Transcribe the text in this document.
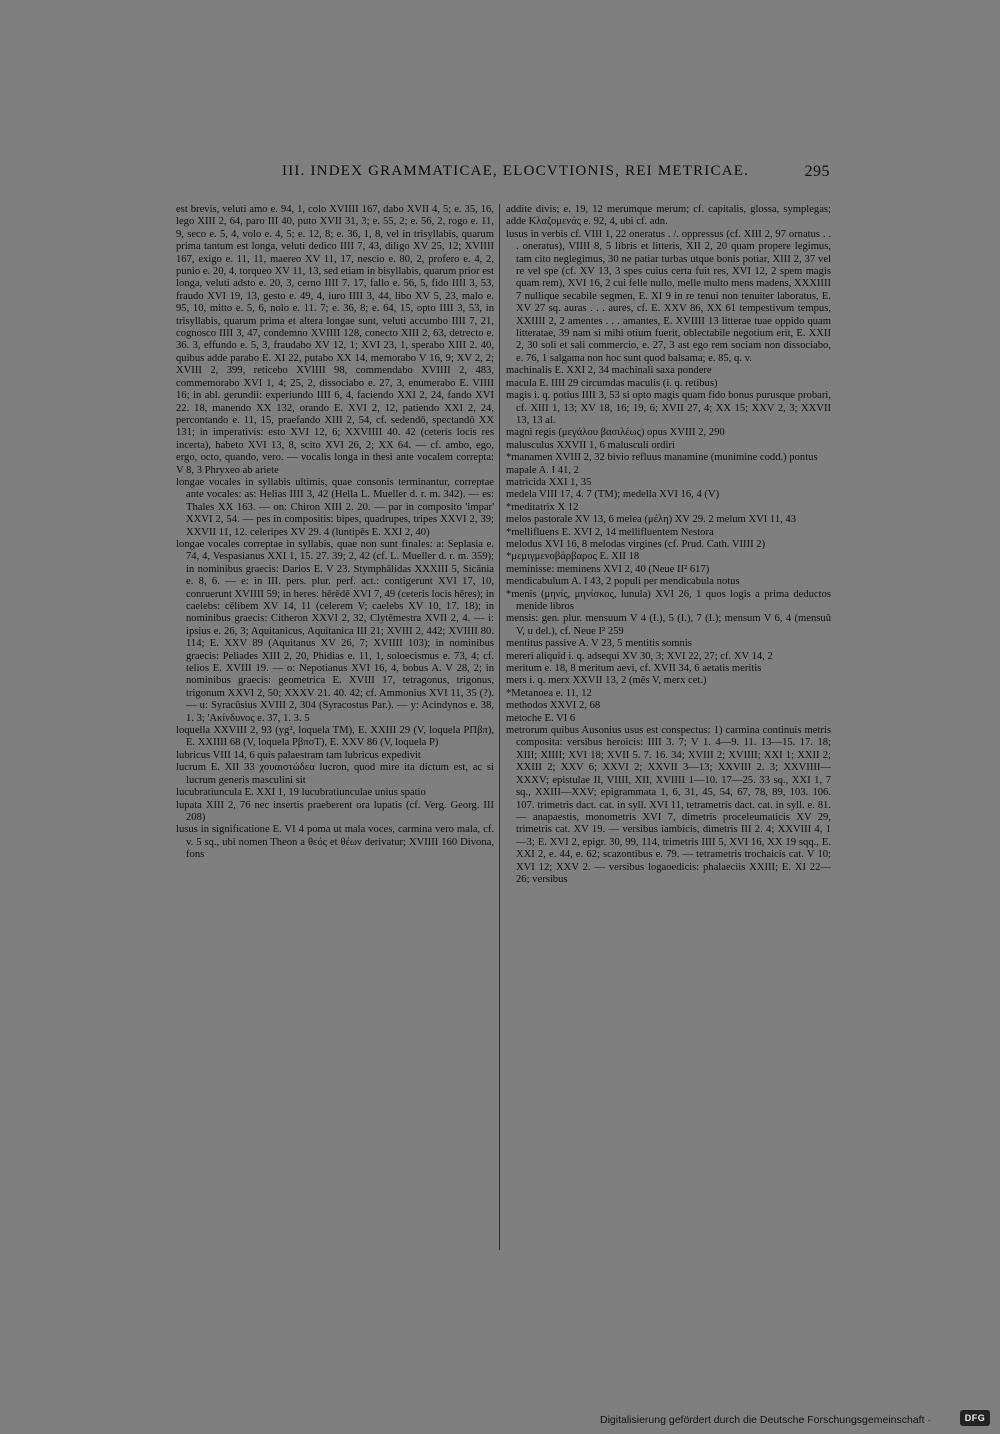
III. INDEX GRAMMATICAE, ELOCVTIONIS, REI METRICAE.	295

est brevis, veluti amo e. 94, 1, colo XVIIII 167, dabo XVII 4, 5; e. 35, 16, lego XIII 2, 64, paro III 40, puto XVII 31, 3; e. 55, 2; e. 56, 2, rogo e. 11, 9, seco e. 5, 4, volo e. 4, 5; e. 12, 8; e. 36, 1, 8, vel in trisyllabis, quarum prima tantum est longa, veluti dedico IIII 7, 43, diligo XV 25, 12; XVIIII 167, exigo e. 11, 11, maereo XV 11, 17, nescio e. 80, 2, profero e. 4, 2, punio e. 20, 4, torqueo XV 11, 13, sed etiam in bisyllabis, quarum prior est longa, veluti adsto e. 20, 3, cerno IIII 7. 17, fallo e. 56, 5, fido IIII 3, 53, fraudo XVI 19, 13, gesto e. 49, 4, iuro IIII 3, 44, libo XV 5, 23, malo e. 95, 10, mitto e. 5, 6, nolo e. 11. 7; e. 36, 8; e. 64, 15, opto IIII 3, 53, in trisyllabis, quarum prima et altera longae sunt, veluti accumbo IIII 7, 21, cognosco IIII 3, 47, condemno XVIIII 128, conecto XIII 2, 63, detrecto e. 36. 3, effundo e. 5, 3, fraudabo XV 12, 1; XVI 23, 1, sperabo XIII 2. 40, quibus adde parabo E. XI 22, putabo XX 14, memorabo V 16, 9; XV 2, 2; XVIII 2, 399, reticebo XVIIII 98, commendabo XVIIII 2, 483, commemorabo XVI 1, 4; 25, 2, dissociabo e. 27, 3, enumerabo E. VIIII 16; in abl. gerundii: experiundo IIII 6, 4, faciendo XXI 2, 24, fando XVI 22. 18, manendo XX 132, orando E. XVI 2, 12, patiendo XXI 2, 24, percontando e. 11, 15, praefando XIII 2, 54, cf. sedendō, spectandō XX 131; in imperativis: esto XVI 12, 6; XXVIIII 40. 42 (ceteris locis res incerta), habeto XVI 13, 8, scito XVI 26, 2; XX 64. — cf. ambo, ego, ergo, octo, quando, vero. — vocalis longa in thesi ante vocalem correpta: V 8, 3 Phryxeo ab ariete

longae vocales in syllabis ultimis, quae consonis terminantur, correptae ante vocales: as: Helias IIII 3, 42 (Hella L. Mueller d. r. m. 342). — es: Thales XX 163. — on: Chiron XIII 2. 20. — par in composito 'impar' XXVI 2, 54. — pes in compositis: bipes, quadrupes, tripes XXVI 2, 39; XXVII 11, 12. celeripes XV 29. 4 (luntipēs E. XXI 2, 40)

longae vocales correptae in syllabis, quae non sunt finales: a: Seplasia e. 74, 4, Vespasianus XXI 1, 15. 27. 39; 2, 42 (cf. L. Mueller d. r. m. 359); in nominibus graecis: Darios E. V 23. Stymphālidas XXXIII 5, Sicānia e. 8, 6. — e: in III. pers. plur. perf. act.: contigerunt XVI 17, 10, conruerunt XVIIII 59; in heres: hērēdē XVI 7, 49 (ceteris locis hēres); in caelebs: cēlibem XV 14, 11 (celerem V; caelebs XV 10, 17. 18); in nominibus graecis: Citheron XXVI 2, 32, Clytēmestra XVII 2, 4. — i: ipsius e. 26, 3; Aquitanicus, Aquitanica III 21; XVIII 2, 442; XVIIII 80. 114; E. XXV 89 (Aquitanus XV 26, 7; XVIIII 103); in nominibus graecis: Peliades XIII 2, 20, Phidias e. 11, 1, soloecismus e. 73, 4; cf. telios E. XVIII 19. — o: Nepotianus XVI 16, 4, bobus A. V 28, 2; in nominibus graecis: geometrica E. XVIII 17, tetragonus, trigonus, trigonum XXVI 2, 50; XXXV 21. 40. 42; cf. Ammonius XVI 11, 35 (?). — u: Syracūsius XVIII 2, 304 (Syracostus Par.). — y: Acindynos e. 38, 1. 3; 'Ακίνδυνος e. 37, 1. 3. 5

loquella XXVIII 2, 93 (yg², loquela TM), E. XXIII 29 (V, loquela PΠβπ), E. XXIIII 68 (V, loquela PβπσT), E. XXV 86 (V, loquela P)

lubricus VIII 14, 6 quis palaestram tam lubricus expedivit

lucrum E. XII 33 χουαιστώδεα lucron, quod mire ita dictum est, ac si lucrum generis masculini sit

lucubratiuncula E. XXI 1, 19 lucubratiunculae unius spatio

lupata XIII 2, 76 nec insertis praeberent ora lupatis (cf. Verg. Georg. III 208)

lusus in significatione E. VI 4 poma ut mala voces, carmina vero mala, cf. v. 5 sq., ubi nomen Theon a θεός et θέων derivatur; XVIIII 160 Divona, fons

addite divis; e. 19, 12 merumque merum; cf. capitalis, glossa, symplegas; adde Κλαζομενάς e. 92, 4, ubi cf. adn.

lusus in verbis cf. VIII 1, 22 oneratus . /. oppressus (cf. XIII 2, 97 ornatus . . . oneratus), VIIII 8, 5 libris et litteris, XII 2, 20 quam propere legimus, tam cito neglegimus, 30 ne patiar turbas utque bonis potiar, XIII 2, 37 vel re vel spe (cf. XV 13, 3 spes cuius certa fuit res, XVI 12, 2 spem magis quam rem), XVI 16, 2 cui felle nullo, melle multo mens madens, XXXIIII 7 nullique secabile segmen, E. XI 9 in re tenui non tenuiter laboratus, E. XV 27 sq. auras . . . aures, cf. E. XXV 86, XX 61 tempestivum tempus, XXIIII 2, 2 amentes . . . amantes, E. XVIIII 13 litterae tuae oppido quam litteratae, 39 nam si mihi otium fuerit, oblectabile negotium erit, E. XXII 2, 30 soli et sali commercio, e. 27, 3 ast ego rem sociam non dissociabo, e. 76, 1 salgama non hoc sunt quod balsama; e. 85, q. v.

machinalis E. XXI 2, 34 machinali saxa pondere

macula E. IIII 29 circumdas maculis (i. q. retibus)

magis i. q. potius IIII 3, 53 si opto magis quam fido bonus purusque probari, cf. XIII 1, 13; XV 18, 16; 19, 6; XVII 27, 4; XX 15; XXV 2, 3; XXVII 13, 13 al.

magni regis (μεγάλου βασιλέως) opus XVIII 2, 290

malusculus XXVII 1, 6 malusculi ordiri

*manamen XVIII 2, 32 bivio refluus manamine (munimine codd.) pontus

mapale A. I 41, 2

matricida XXI 1, 35

medela VIII 17, 4. 7 (TM); medella XVI 16, 4 (V)

*meditatrix X 12

melos pastorale XV 13, 6 melea (μέλη) XV 29. 2 melum XVI 11, 43

*mellifluens E. XVI 2, 14 mellifluentem Nestora

melodus XVI 16, 8 melodas virgines (cf. Prud. Cath. VIIII 2)

*μεμιγμενοβάρβαρος E. XII 18

meminisse: meminens XVI 2, 40 (Neue II² 617)

mendicabulum A. I 43, 2 populi per mendicabula notus

*menis (μηνίς, μηνίσκος, lunula) XVI 26, 1 quos logis a prima deductos menide libros

mensis: gen. plur. mensuum V 4 (I.), 5 (I.), 7 (I.); mensum V 6, 4 (mensuū V, u del.), cf. Neue I² 259

mentitus passive A. V 23, 5 mentitis somnis

mereri aliquid i. q. adsequi XV 30, 3; XVI 22, 27; cf. XV 14, 2

meritum e. 18, 8 meritum aevi, cf. XVII 34, 6 aetatis meritis

mers i. q. merx XXVII 13, 2 (mēs V, merx cet.)

*Metanoea e. 11, 12

methodos XXVI 2, 68

metoche E. VI 6

metrorum quibus Ausonius usus est conspectus: 1) carmina continuis metris composita: versibus heroicis: IIII 3. 7; V 1. 4—9. 11. 13—15. 17. 18; XIII; XIIII; XVI 18; XVII 5. 7. 16. 34; XVIII 2; XVIIII; XXI 1; XXII 2; XXIII 2; XXV 6; XXVI 2; XXVII 3—13; XXVIII 2. 3; XXVIIII—XXXV; epistulae II, VIIII, XII, XVIIII 1—10. 17—25. 33 sq., XXI 1, 7 sq., XXIII—XXV; epigrammata 1, 6, 31, 45, 54, 67, 78, 89, 103. 106. 107. trimetris dact. cat. in syll. XVI 11, tetrametris dact. cat. in syll. e. 81. — anapaestis, monometris XVI 7, dimetris proceleumaticis XV 29, trimetris cat. XV 19. — versibus iambicis, dimetris III 2. 4; XXVIII 4, 1—3; E. XVI 2, epigr. 30, 99, 114, trimetris IIII 5, XVI 16, XX 19 sqq., E. XXI 2, e. 44, e. 62; scazontibus e. 79. — tetrametris trochaicis cat. V 10; XVI 12; XXV 2. — versibus logaoedicis: phalaeciis XXIII; E. XI 22—26; versibus

Digitalisierung gefördert durch die Deutsche Forschungsgemeinschaft ·	DFG
